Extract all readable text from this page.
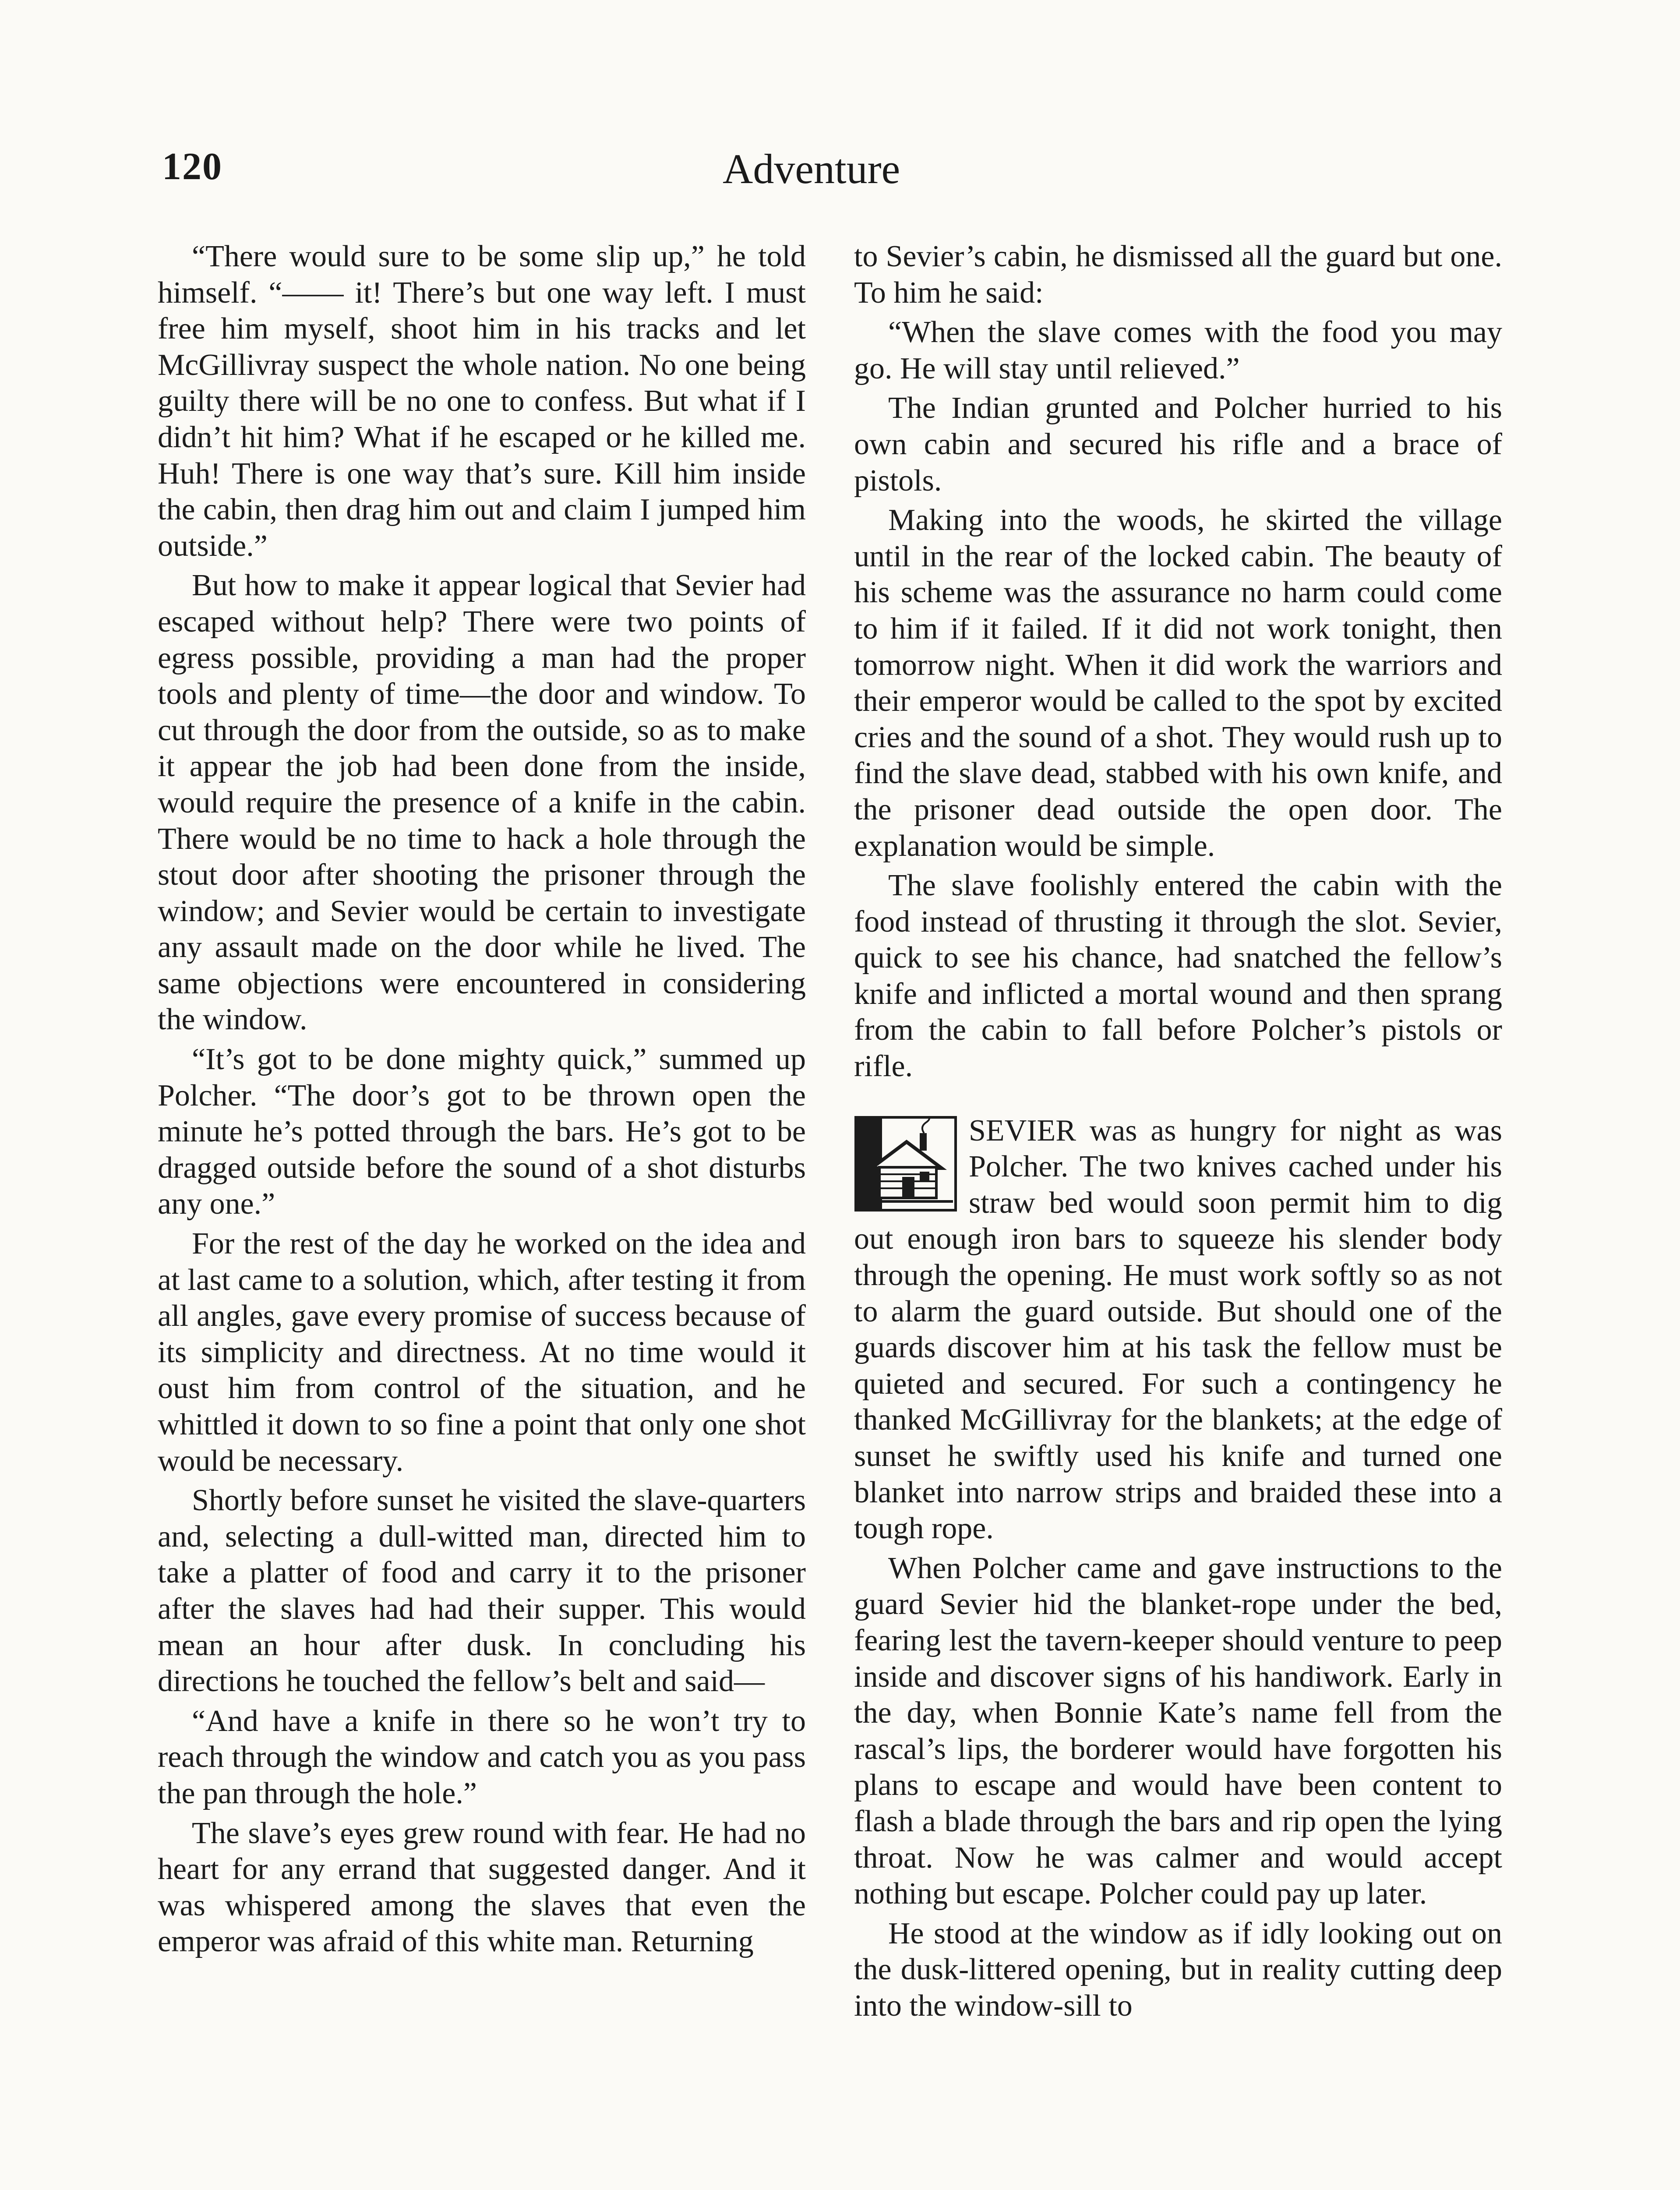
120	Adventure

“There would sure to be some slip up,” he told himself. “—— it! There’s but one way left. I must free him myself, shoot him in his tracks and let McGillivray suspect the whole nation. No one being guilty there will be no one to confess. But what if I didn’t hit him? What if he escaped or he killed me. Huh! There is one way that’s sure. Kill him inside the cabin, then drag him out and claim I jumped him outside.”

But how to make it appear logical that Sevier had escaped without help? There were two points of egress possible, providing a man had the proper tools and plenty of time—the door and window. To cut through the door from the outside, so as to make it appear the job had been done from the inside, would require the presence of a knife in the cabin. There would be no time to hack a hole through the stout door after shooting the prisoner through the window; and Sevier would be certain to investigate any assault made on the door while he lived. The same objections were encountered in considering the window.

“It’s got to be done mighty quick,” summed up Polcher. “The door’s got to be thrown open the minute he’s potted through the bars. He’s got to be dragged outside before the sound of a shot disturbs any one.”

For the rest of the day he worked on the idea and at last came to a solution, which, after testing it from all angles, gave every promise of success because of its simplicity and directness. At no time would it oust him from control of the situation, and he whittled it down to so fine a point that only one shot would be necessary.

Shortly before sunset he visited the slave-quarters and, selecting a dull-witted man, directed him to take a platter of food and carry it to the prisoner after the slaves had had their supper. This would mean an hour after dusk. In concluding his directions he touched the fellow’s belt and said—

“And have a knife in there so he won’t try to reach through the window and catch you as you pass the pan through the hole.”

The slave’s eyes grew round with fear. He had no heart for any errand that suggested danger. And it was whispered among the slaves that even the emperor was afraid of this white man. Returning

to Sevier’s cabin, he dismissed all the guard but one. To him he said:

“When the slave comes with the food you may go. He will stay until relieved.”

The Indian grunted and Polcher hurried to his own cabin and secured his rifle and a brace of pistols.

Making into the woods, he skirted the village until in the rear of the locked cabin. The beauty of his scheme was the assurance no harm could come to him if it failed. If it did not work tonight, then tomorrow night. When it did work the warriors and their emperor would be called to the spot by excited cries and the sound of a shot. They would rush up to find the slave dead, stabbed with his own knife, and the prisoner dead outside the open door. The explanation would be simple.

The slave foolishly entered the cabin with the food instead of thrusting it through the slot. Sevier, quick to see his chance, had snatched the fellow’s knife and inflicted a mortal wound and then sprang from the cabin to fall before Polcher’s pistols or rifle.

SEVIER was as hungry for night as was Polcher. The two knives cached under his straw bed would soon permit him to dig out enough iron bars to squeeze his slender body through the opening. He must work softly so as not to alarm the guard outside. But should one of the guards discover him at his task the fellow must be quieted and secured. For such a contingency he thanked McGillivray for the blankets; at the edge of sunset he swiftly used his knife and turned one blanket into narrow strips and braided these into a tough rope.

When Polcher came and gave instructions to the guard Sevier hid the blanket-rope under the bed, fearing lest the tavern-keeper should venture to peep inside and discover signs of his handiwork. Early in the day, when Bonnie Kate’s name fell from the rascal’s lips, the borderer would have forgotten his plans to escape and would have been content to flash a blade through the bars and rip open the lying throat. Now he was calmer and would accept nothing but escape. Polcher could pay up later.

He stood at the window as if idly looking out on the dusk-littered opening, but in reality cutting deep into the window-sill to
